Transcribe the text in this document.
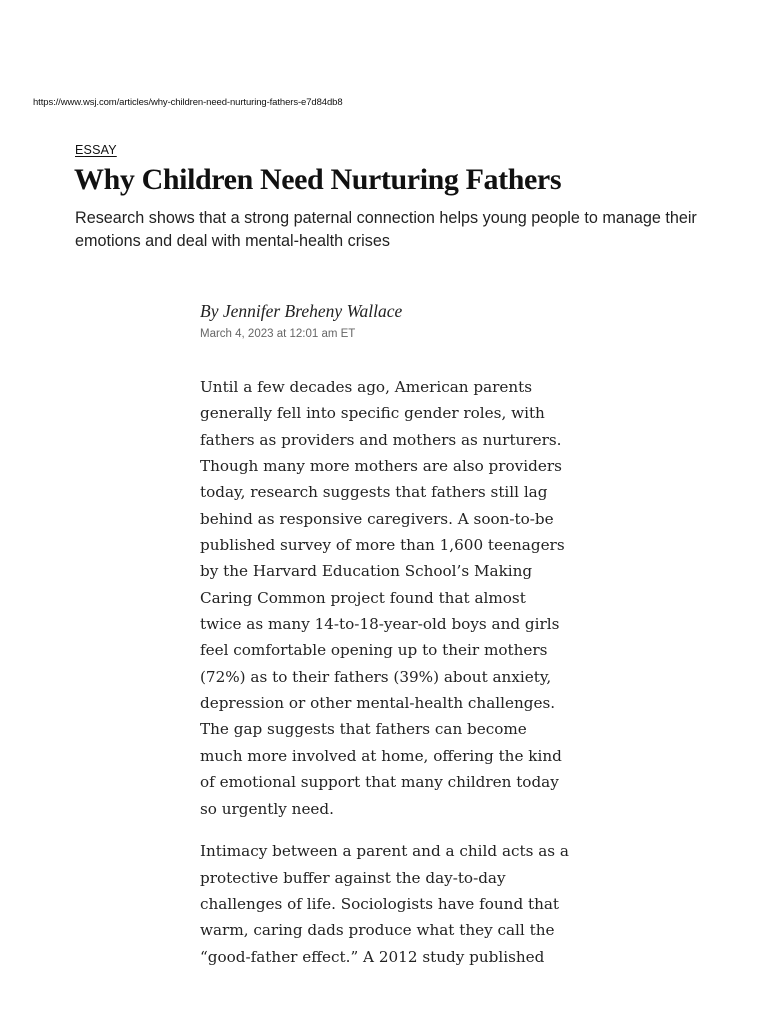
https://www.wsj.com/articles/why-children-need-nurturing-fathers-e7d84db8
ESSAY
Why Children Need Nurturing Fathers

Research shows that a strong paternal connection helps young people to manage their emotions and deal with mental-health crises

By Jennifer Breheny Wallace
March 4, 2023 at 12:01 am ET

Until a few decades ago, American parents generally fell into specific gender roles, with fathers as providers and mothers as nurturers. Though many more mothers are also providers today, research suggests that fathers still lag behind as responsive caregivers. A soon-to-be published survey of more than 1,600 teenagers by the Harvard Education School’s Making Caring Common project found that almost twice as many 14-to-18-year-old boys and girls feel comfortable opening up to their mothers (72%) as to their fathers (39%) about anxiety, depression or other mental-health challenges. The gap suggests that fathers can become much more involved at home, offering the kind of emotional support that many children today so urgently need.

Intimacy between a parent and a child acts as a protective buffer against the day-to-day challenges of life. Sociologists have found that warm, caring dads produce what they call the “good-father effect.” A 2012 study published
